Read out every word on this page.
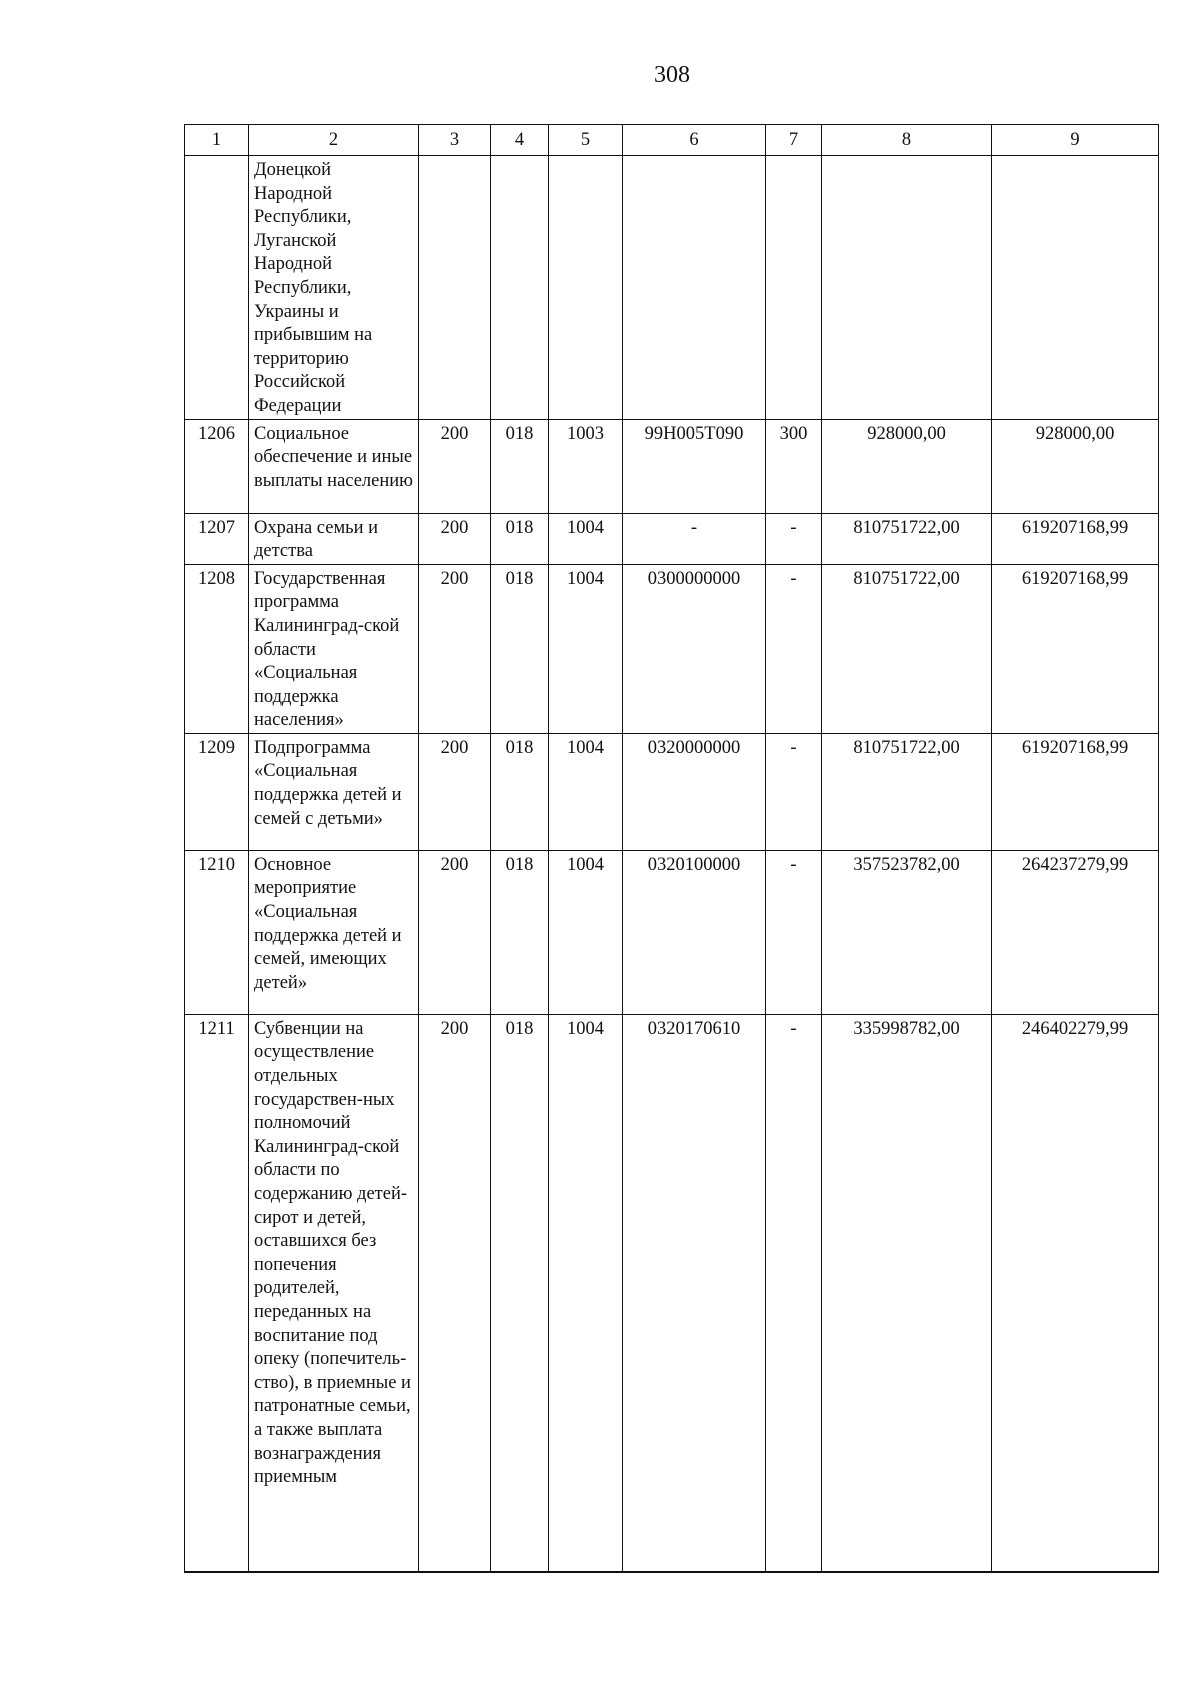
308
1	2	3	4	5	6	7	8	9
	Донецкой Народной Республики, Луганской Народной Республики, Украины и прибывшим на территорию Российской Федерации							
1206	Социальное обеспечение и иные выплаты населению	200	018	1003	99Н005Т090	300	928000,00	928000,00
1207	Охрана семьи и детства	200	018	1004	-	-	810751722,00	619207168,99
1208	Государственная программа Калининград-ской области «Социальная поддержка населения»	200	018	1004	0300000000	-	810751722,00	619207168,99
1209	Подпрограмма «Социальная поддержка детей и семей с детьми»	200	018	1004	0320000000	-	810751722,00	619207168,99
1210	Основное мероприятие «Социальная поддержка детей и семей, имеющих детей»	200	018	1004	0320100000	-	357523782,00	264237279,99
1211	Субвенции на осуществление отдельных государствен-ных полномочий Калининград-ской области по содержанию детей-сирот и детей, оставшихся без попечения родителей, переданных на воспитание под опеку (попечитель-ство), в приемные и патронатные семьи, а также выплата вознаграждения приемным	200	018	1004	0320170610	-	335998782,00	246402279,99
